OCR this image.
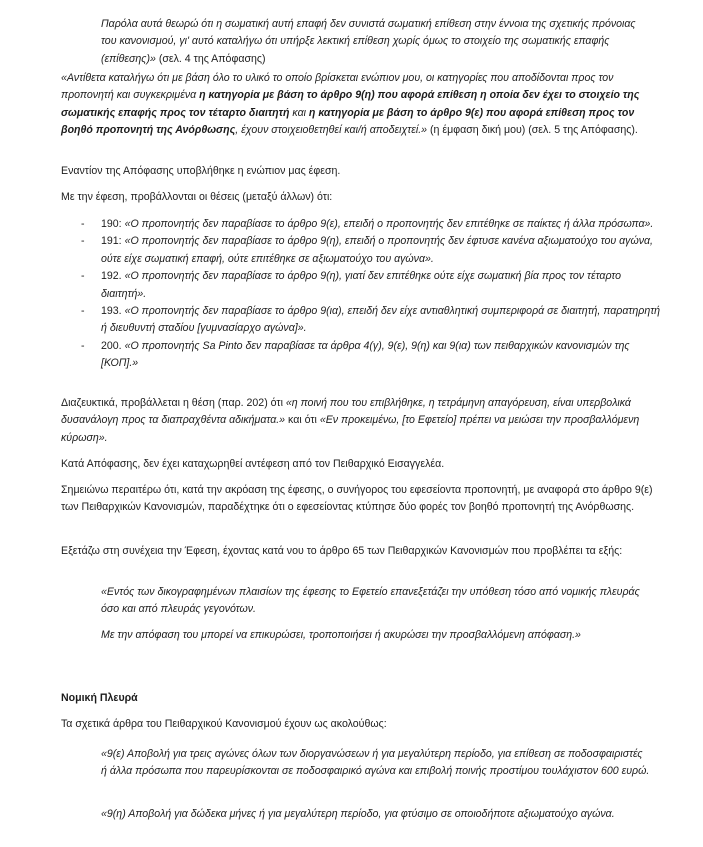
Παρόλα αυτά θεωρώ ότι η σωματική αυτή επαφή δεν συνιστά σωματική επίθεση στην έννοια της σχετικής πρόνοιας του κανονισμού, γι' αυτό καταλήγω ότι υπήρξε λεκτική επίθεση χωρίς όμως το στοιχείο της σωματικής επαφής (επίθεσης)» (σελ. 4 της Απόφασης)

«Αντίθετα καταλήγω ότι με βάση όλο το υλικό το οποίο βρίσκεται ενώπιον μου, οι κατηγορίες που αποδίδονται προς τον προπονητή και συγκεκριμένα η κατηγορία με βάση το άρθρο 9(η) που αφορά επίθεση η οποία δεν έχει το στοιχείο της σωματικής επαφής προς τον τέταρτο διαιτητή και η κατηγορία με βάση το άρθρο 9(ε) που αφορά επίθεση προς τον βοηθό προπονητή της Ανόρθωσης, έχουν στοιχειοθετηθεί και/ή αποδειχτεί.» (η έμφαση δική μου) (σελ. 5 της Απόφασης).

Εναντίον της Απόφασης υποβλήθηκε η ενώπιον μας έφεση.

Με την έφεση, προβάλλονται οι θέσεις (μεταξύ άλλων) ότι:

- 190: «Ο προπονητής δεν παραβίασε το άρθρο 9(ε), επειδή ο προπονητής δεν επιτέθηκε σε παίκτες ή άλλα πρόσωπα».
- 191: «Ο προπονητής δεν παραβίασε το άρθρο 9(η), επειδή ο προπονητής δεν έφτυσε κανένα αξιωματούχο του αγώνα, ούτε είχε σωματική επαφή, ούτε επιτέθηκε σε αξιωματούχο του αγώνα».
- 192. «Ο προπονητής δεν παραβίασε το άρθρο 9(η), γιατί δεν επιτέθηκε ούτε είχε σωματική βία προς τον τέταρτο διαιτητή».
- 193. «Ο προπονητής δεν παραβίασε το άρθρο 9(ια), επειδή δεν είχε αντιαθλητική συμπεριφορά σε διαιτητή, παρατηρητή ή διευθυντή σταδίου [γυμνασίαρχο αγώνα]».
- 200. «Ο προπονητής Sa Pinto δεν παραβίασε τα άρθρα 4(γ), 9(ε), 9(η) και 9(ια) των πειθαρχικών κανονισμών της [ΚΟΠ].»

Διαζευκτικά, προβάλλεται η θέση (παρ. 202) ότι «η ποινή που του επιβλήθηκε, η τετράμηνη απαγόρευση, είναι υπερβολικά δυσανάλογη προς τα διαπραχθέντα αδικήματα.» και ότι «Εν προκειμένω, [το Εφετείο] πρέπει να μειώσει την προσβαλλόμενη κύρωση».

Κατά Απόφασης, δεν έχει καταχωρηθεί αντέφεση από τον Πειθαρχικό Εισαγγελέα.

Σημειώνω περαιτέρω ότι, κατά την ακρόαση της έφεσης, ο συνήγορος του εφεσείοντα προπονητή, με αναφορά στο άρθρο 9(ε) των Πειθαρχικών Κανονισμών, παραδέχτηκε ότι ο εφεσείοντας κτύπησε δύο φορές τον βοηθό προπονητή της Ανόρθωσης.

Εξετάζω στη συνέχεια την Έφεση, έχοντας κατά νου το άρθρο 65 των Πειθαρχικών Κανονισμών που προβλέπει τα εξής:

«Εντός των δικογραφημένων πλαισίων της έφεσης το Εφετείο επανεξετάζει την υπόθεση τόσο από νομικής πλευράς όσο και από πλευράς γεγονότων.

Με την απόφαση του μπορεί να επικυρώσει, τροποποιήσει ή ακυρώσει την προσβαλλόμενη απόφαση.»

Νομική Πλευρά

Τα σχετικά άρθρα του Πειθαρχικού Κανονισμού έχουν ως ακολούθως:

«9(ε) Αποβολή για τρεις αγώνες όλων των διοργανώσεων ή για μεγαλύτερη περίοδο, για επίθεση σε ποδοσφαιριστές ή άλλα πρόσωπα που παρευρίσκονται σε ποδοσφαιρικό αγώνα και επιβολή ποινής προστίμου τουλάχιστον 600 ευρώ.

«9(η) Αποβολή για δώδεκα μήνες ή για μεγαλύτερη περίοδο, για φτύσιμο σε οποιοδήποτε αξιωματούχο αγώνα.
